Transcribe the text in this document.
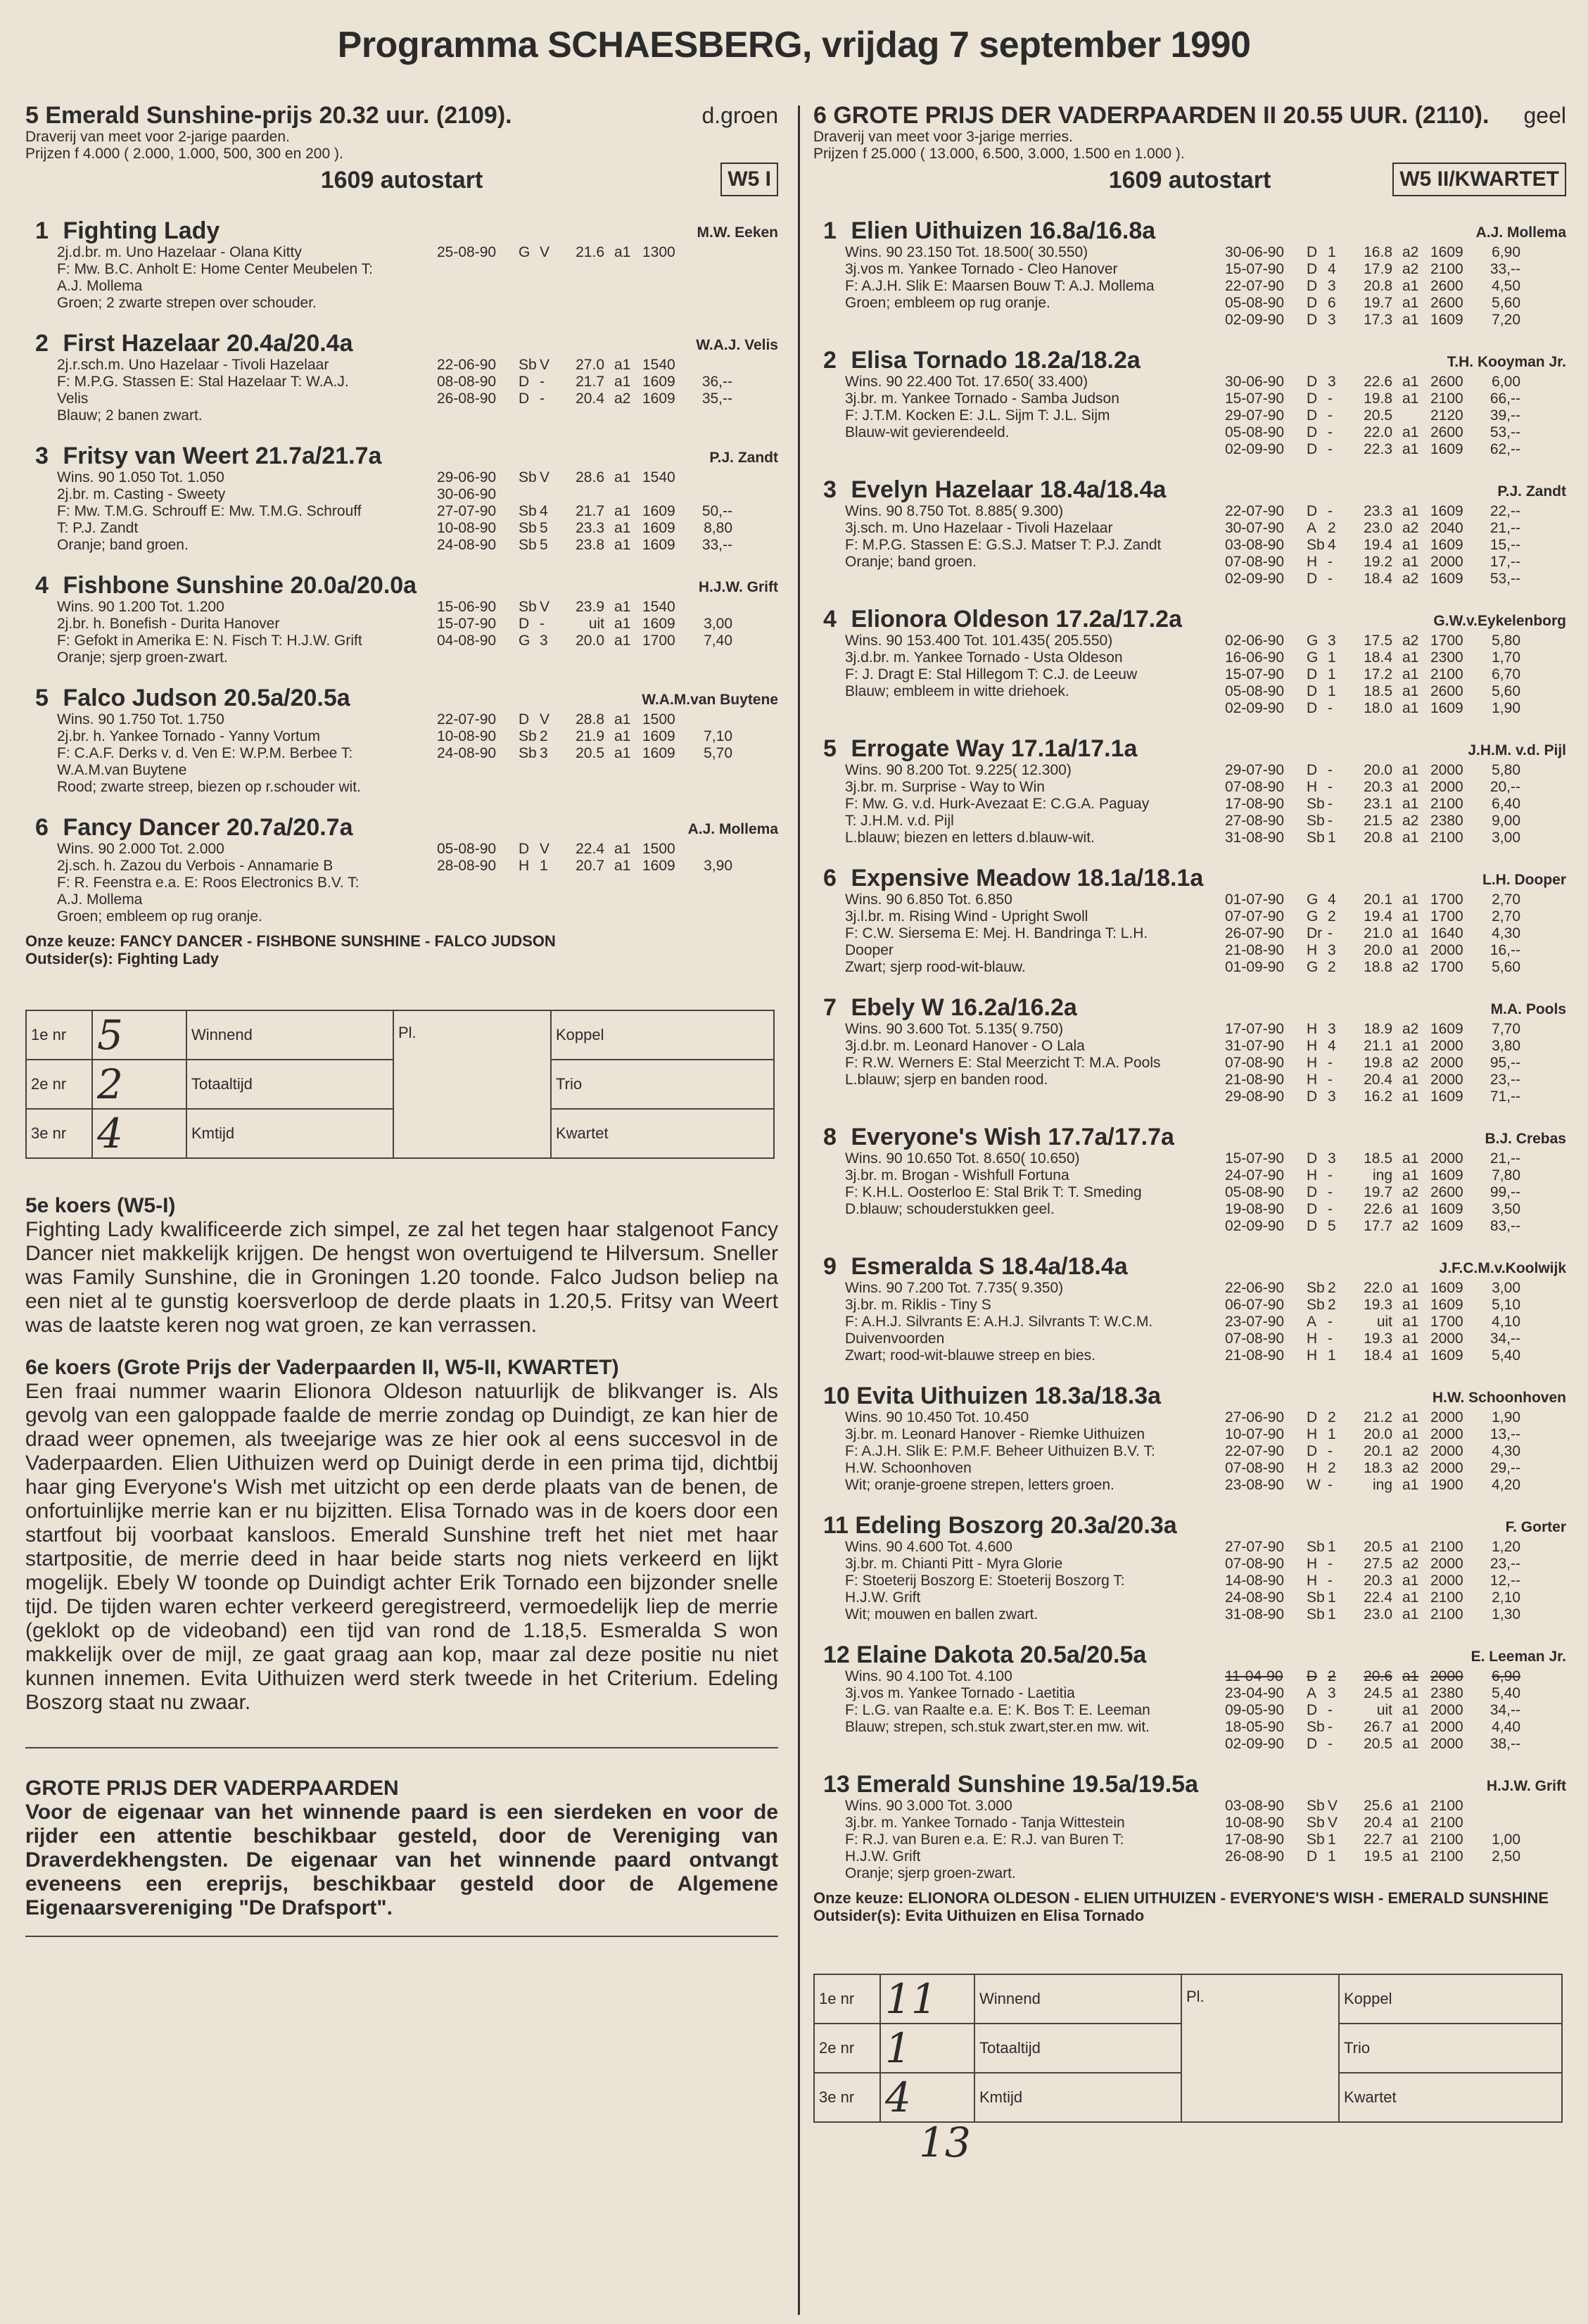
Programma SCHAESBERG, vrijdag 7 september 1990
5 Emerald Sunshine-prijs 20.32 uur. (2109).	d.groen
Draverij van meet voor 2-jarige paarden.
Prijzen f 4.000 ( 2.000, 1.000, 500, 300 en 200 ).
1609 autostart	W5 I
1 Fighting Lady	M.W. Eeken
2j.d.br. m. Uno Hazelaar - Olana Kitty
F: Mw. B.C. Anholt E: Home Center Meubelen T:
A.J. Mollema
Groen; 2 zwarte strepen over schouder.
25-08-90	G V	21.6 a1 1300
2 First Hazelaar 20.4a/20.4a	W.A.J. Velis
2j.r.sch.m. Uno Hazelaar - Tivoli Hazelaar
F: M.P.G. Stassen E: Stal Hazelaar T: W.A.J.
Velis
Blauw; 2 banen zwart.
22-06-90	Sb V	27.0 a1 1540
08-08-90	D -	21.7 a1 1609	36,--
26-08-90	D -	20.4 a2 1609	35,--
3 Fritsy van Weert 21.7a/21.7a	P.J. Zandt
Wins. 90 1.050 Tot. 1.050
2j.br. m. Casting - Sweety
F: Mw. T.M.G. Schrouff E: Mw. T.M.G. Schrouff
T: P.J. Zandt
Oranje; band groen.
29-06-90	Sb V	28.6 a1 1540
30-06-90
27-07-90	Sb 4	21.7 a1 1609	50,--
10-08-90	Sb 5	23.3 a1 1609	8,80
24-08-90	Sb 5	23.8 a1 1609	33,--
4 Fishbone Sunshine 20.0a/20.0a	H.J.W. Grift
Wins. 90 1.200 Tot. 1.200
2j.br. h. Bonefish - Durita Hanover
F: Gefokt in Amerika E: N. Fisch T: H.J.W. Grift
Oranje; sjerp groen-zwart.
15-06-90	Sb V	23.9 a1 1540
15-07-90	D -	uit a1 1609	3,00
04-08-90	G 3	20.0 a1 1700	7,40
5 Falco Judson 20.5a/20.5a	W.A.M.van Buytene
Wins. 90 1.750 Tot. 1.750
2j.br. h. Yankee Tornado - Yanny Vortum
F: C.A.F. Derks v. d. Ven E: W.P.M. Berbee T:
W.A.M.van Buytene
Rood; zwarte streep, biezen op r.schouder wit.
22-07-90	D V	28.8 a1 1500
10-08-90	Sb 2	21.9 a1 1609	7,10
24-08-90	Sb 3	20.5 a1 1609	5,70
6 Fancy Dancer 20.7a/20.7a	A.J. Mollema
Wins. 90 2.000 Tot. 2.000
2j.sch. h. Zazou du Verbois - Annamarie B
F: R. Feenstra e.a. E: Roos Electronics B.V. T:
A.J. Mollema
Groen; embleem op rug oranje.
05-08-90	D V	22.4 a1 1500
28-08-90	H 1	20.7 a1 1609	3,90
Onze keuze: FANCY DANCER - FISHBONE SUNSHINE - FALCO JUDSON
Outsider(s): Fighting Lady
1e nr	5	Winnend	Pl.	Koppel
2e nr	2	Totaaltijd		Trio
3e nr	4	Kmtijd		Kwartet
5e koers (W5-I)
Fighting Lady kwalificeerde zich simpel, ze zal het tegen haar stalgenoot Fancy Dancer niet makkelijk krijgen. De hengst won overtuigend te Hilversum. Sneller was Family Sunshine, die in Groningen 1.20 toonde. Falco Judson beliep na een niet al te gunstig koersverloop de derde plaats in 1.20,5. Fritsy van Weert was de laatste keren nog wat groen, ze kan verrassen.
6e koers (Grote Prijs der Vaderpaarden II, W5-II, KWARTET)
Een fraai nummer waarin Elionora Oldeson natuurlijk de blikvanger is. Als gevolg van een galoppade faalde de merrie zondag op Duindigt, ze kan hier de draad weer opnemen, als tweejarige was ze hier ook al eens succesvol in de Vaderpaarden. Elien Uithuizen werd op Duinigt derde in een prima tijd, dichtbij haar ging Everyone's Wish met uitzicht op een derde plaats van de benen, de onfortuinlijke merrie kan er nu bijzitten. Elisa Tornado was in de koers door een startfout bij voorbaat kansloos. Emerald Sunshine treft het niet met haar startpositie, de merrie deed in haar beide starts nog niets verkeerd en lijkt mogelijk. Ebely W toonde op Duindigt achter Erik Tornado een bijzonder snelle tijd. De tijden waren echter verkeerd geregistreerd, vermoedelijk liep de merrie (geklokt op de videoband) een tijd van rond de 1.18,5. Esmeralda S won makkelijk over de mijl, ze gaat graag aan kop, maar zal deze positie nu niet kunnen innemen. Evita Uithuizen werd sterk tweede in het Criterium. Edeling Boszorg staat nu zwaar.
GROTE PRIJS DER VADERPAARDEN
Voor de eigenaar van het winnende paard is een sierdeken en voor de rijder een attentie beschikbaar gesteld, door de Vereniging van Draverdekhengsten. De eigenaar van het winnende paard ontvangt eveneens een ereprijs, beschikbaar gesteld door de Algemene Eigenaarsvereniging "De Drafsport".
6 GROTE PRIJS DER VADERPAARDEN II 20.55 UUR. (2110). geel
Draverij van meet voor 3-jarige merries.
Prijzen f 25.000 ( 13.000, 6.500, 3.000, 1.500 en 1.000 ).
1609 autostart	W5 II/KWARTET
1 Elien Uithuizen 16.8a/16.8a	A.J. Mollema
Wins. 90 23.150 Tot. 18.500( 30.550)
3j.vos m. Yankee Tornado - Cleo Hanover
F: A.J.H. Slik E: Maarsen Bouw T: A.J. Mollema
Groen; embleem op rug oranje.
30-06-90	D 1	16.8 a2 1609	6,90
15-07-90	D 4	17.9 a2 2100	33,--
22-07-90	D 3	20.8 a1 2600	4,50
05-08-90	D 6	19.7 a1 2600	5,60
02-09-90	D 3	17.3 a1 1609	7,20
2 Elisa Tornado 18.2a/18.2a	T.H. Kooyman Jr.
Wins. 90 22.400 Tot. 17.650( 33.400)
3j.br. m. Yankee Tornado - Samba Judson
F: J.T.M. Kocken E: J.L. Sijm T: J.L. Sijm
Blauw-wit gevierendeeld.
30-06-90	D 3	22.6 a1 2600	6,00
15-07-90	D -	19.8 a1 2100	66,--
29-07-90	D -	20.5	2120	39,--
05-08-90	D -	22.0 a1 2600	53,--
02-09-90	D -	22.3 a1 1609	62,--
3 Evelyn Hazelaar 18.4a/18.4a	P.J. Zandt
Wins. 90 8.750 Tot. 8.885( 9.300)
3j.sch. m. Uno Hazelaar - Tivoli Hazelaar
F: M.P.G. Stassen E: G.S.J. Matser T: P.J. Zandt
Oranje; band groen.
22-07-90	D -	23.3 a1 1609	22,--
30-07-90	A 2	23.0 a2 2040	21,--
03-08-90	Sb 4	19.4 a1 1609	15,--
07-08-90	H -	19.2 a1 2000	17,--
02-09-90	D -	18.4 a2 1609	53,--
4 Elionora Oldeson 17.2a/17.2a	G.W.v.Eykelenborg
Wins. 90 153.400 Tot. 101.435( 205.550)
3j.d.br. m. Yankee Tornado - Usta Oldeson
F: J. Dragt E: Stal Hillegom T: C.J. de Leeuw
Blauw; embleem in witte driehoek.
02-06-90	G 3	17.5 a2 1700	5,80
16-06-90	G 1	18.4 a1 2300	1,70
15-07-90	D 1	17.2 a1 2100	6,70
05-08-90	D 1	18.5 a1 2600	5,60
02-09-90	D -	18.0 a1 1609	1,90
5 Errogate Way 17.1a/17.1a	J.H.M. v.d. Pijl
Wins. 90 8.200 Tot. 9.225( 12.300)
3j.br. m. Surprise - Way to Win
F: Mw. G. v.d. Hurk-Avezaat E: C.G.A. Paguay
T: J.H.M. v.d. Pijl
L.blauw; biezen en letters d.blauw-wit.
29-07-90	D -	20.0 a1 2000	5,80
07-08-90	H -	20.3 a1 2000	20,--
17-08-90	Sb -	23.1 a1 2100	6,40
27-08-90	Sb -	21.5 a2 2380	9,00
31-08-90	Sb 1	20.8 a1 2100	3,00
6 Expensive Meadow 18.1a/18.1a	L.H. Dooper
Wins. 90 6.850 Tot. 6.850
3j.l.br. m. Rising Wind - Upright Swoll
F: C.W. Siersema E: Mej. H. Bandringa T: L.H.
Dooper
Zwart; sjerp rood-wit-blauw.
01-07-90	G 4	20.1 a1 1700	2,70
07-07-90	G 2	19.4 a1 1700	2,70
26-07-90	Dr -	21.0 a1 1640	4,30
21-08-90	H 3	20.0 a1 2000	16,--
01-09-90	G 2	18.8 a2 1700	5,60
7 Ebely W 16.2a/16.2a	M.A. Pools
Wins. 90 3.600 Tot. 5.135( 9.750)
3j.d.br. m. Leonard Hanover - O Lala
F: R.W. Werners E: Stal Meerzicht T: M.A. Pools
L.blauw; sjerp en banden rood.
17-07-90	H 3	18.9 a2 1609	7,70
31-07-90	H 4	21.1 a1 2000	3,80
07-08-90	H -	19.8 a2 2000	95,--
21-08-90	H -	20.4 a1 2000	23,--
29-08-90	D 3	16.2 a1 1609	71,--
8 Everyone's Wish 17.7a/17.7a	B.J. Crebas
Wins. 90 10.650 Tot. 8.650( 10.650)
3j.br. m. Brogan - Wishfull Fortuna
F: K.H.L. Oosterloo E: Stal Brik T: T. Smeding
D.blauw; schouderstukken geel.
15-07-90	D 3	18.5 a1 2000	21,--
24-07-90	H -	ing a1 1609	7,80
05-08-90	D -	19.7 a2 2600	99,--
19-08-90	D -	22.6 a1 1609	3,50
02-09-90	D 5	17.7 a2 1609	83,--
9 Esmeralda S 18.4a/18.4a	J.F.C.M.v.Koolwijk
Wins. 90 7.200 Tot. 7.735( 9.350)
3j.br. m. Riklis - Tiny S
F: A.H.J. Silvrants E: A.H.J. Silvrants T: W.C.M.
Duivenvoorden
Zwart; rood-wit-blauwe streep en bies.
22-06-90	Sb 2	22.0 a1 1609	3,00
06-07-90	Sb 2	19.3 a1 1609	5,10
23-07-90	A -	uit a1 1700	4,10
07-08-90	H -	19.3 a1 2000	34,--
21-08-90	H 1	18.4 a1 1609	5,40
10 Evita Uithuizen 18.3a/18.3a	H.W. Schoonhoven
Wins. 90 10.450 Tot. 10.450
3j.br. m. Leonard Hanover - Riemke Uithuizen
F: A.J.H. Slik E: P.M.F. Beheer Uithuizen B.V. T:
H.W. Schoonhoven
Wit; oranje-groene strepen, letters groen.
27-06-90	D 2	21.2 a1 2000	1,90
10-07-90	H 1	20.0 a1 2000	13,--
22-07-90	D -	20.1 a2 2000	4,30
07-08-90	H 2	18.3 a2 2000	29,--
23-08-90	W -	ing a1 1900	4,20
11 Edeling Boszorg 20.3a/20.3a	F. Gorter
Wins. 90 4.600 Tot. 4.600
3j.br. m. Chianti Pitt - Myra Glorie
F: Stoeterij Boszorg E: Stoeterij Boszorg T:
H.J.W. Grift
Wit; mouwen en ballen zwart.
27-07-90	Sb 1	20.5 a1 2100	1,20
07-08-90	H -	27.5 a2 2000	23,--
14-08-90	H -	20.3 a1 2000	12,--
24-08-90	Sb 1	22.4 a1 2100	2,10
31-08-90	Sb 1	23.0 a1 2100	1,30
12 Elaine Dakota 20.5a/20.5a	E. Leeman Jr.
Wins. 90 4.100 Tot. 4.100
3j.vos m. Yankee Tornado - Laetitia
F: L.G. van Raalte e.a. E: K. Bos T: E. Leeman
Blauw; strepen, sch.stuk zwart,ster.en mw. wit.
11-04-90	D 2	20.6 a1 2000	6,90
23-04-90	A 3	24.5 a1 2380	5,40
09-05-90	D -	uit a1 2000	34,--
18-05-90	Sb -	26.7 a1 2000	4,40
02-09-90	D -	20.5 a1 2000	38,--
13 Emerald Sunshine 19.5a/19.5a	H.J.W. Grift
Wins. 90 3.000 Tot. 3.000
3j.br. m. Yankee Tornado - Tanja Wittestein
F: R.J. van Buren e.a. E: R.J. van Buren T:
H.J.W. Grift
Oranje; sjerp groen-zwart.
03-08-90	Sb V	25.6 a1 2100
10-08-90	Sb V	20.4 a1 2100
17-08-90	Sb 1	22.7 a1 2100	1,00
26-08-90	D 1	19.5 a1 2100	2,50
Onze keuze: ELIONORA OLDESON - ELIEN UITHUIZEN - EVERYONE'S WISH - EMERALD SUNSHINE
Outsider(s): Evita Uithuizen en Elisa Tornado
1e nr	11	Winnend	Pl.	Koppel
2e nr	1	Totaaltijd		Trio
3e nr	4	Kmtijd		Kwartet
13
